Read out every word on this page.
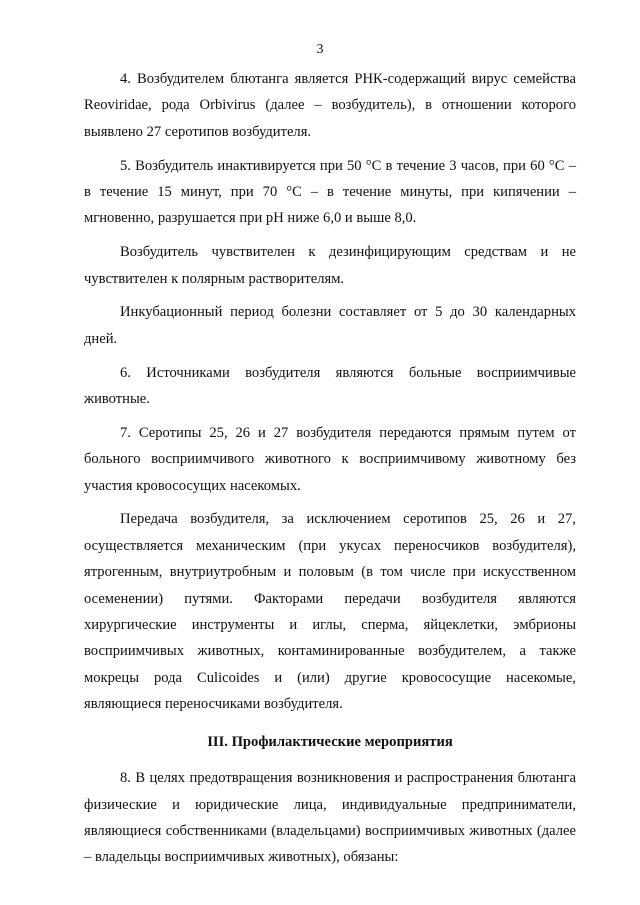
3

4. Возбудителем блютанга является РНК-содержащий вирус семейства Reoviridae, рода Orbivirus (далее – возбудитель), в отношении которого выявлено 27 серотипов возбудителя.

5. Возбудитель инактивируется при 50 °C в течение 3 часов, при 60 °C – в течение 15 минут, при 70 °C – в течение минуты, при кипячении – мгновенно, разрушается при pH ниже 6,0 и выше 8,0.

Возбудитель чувствителен к дезинфицирующим средствам и не чувствителен к полярным растворителям.

Инкубационный период болезни составляет от 5 до 30 календарных дней.

6. Источниками возбудителя являются больные восприимчивые животные.

7. Серотипы 25, 26 и 27 возбудителя передаются прямым путем от больного восприимчивого животного к восприимчивому животному без участия кровососущих насекомых.

Передача возбудителя, за исключением серотипов 25, 26 и 27, осуществляется механическим (при укусах переносчиков возбудителя), ятрогенным, внутриутробным и половым (в том числе при искусственном осеменении) путями. Факторами передачи возбудителя являются хирургические инструменты и иглы, сперма, яйцеклетки, эмбрионы восприимчивых животных, контаминированные возбудителем, а также мокрецы рода Culicoides и (или) другие кровососущие насекомые, являющиеся переносчиками возбудителя.

III. Профилактические мероприятия

8. В целях предотвращения возникновения и распространения блютанга физические и юридические лица, индивидуальные предприниматели, являющиеся собственниками (владельцами) восприимчивых животных (далее – владельцы восприимчивых животных), обязаны:
